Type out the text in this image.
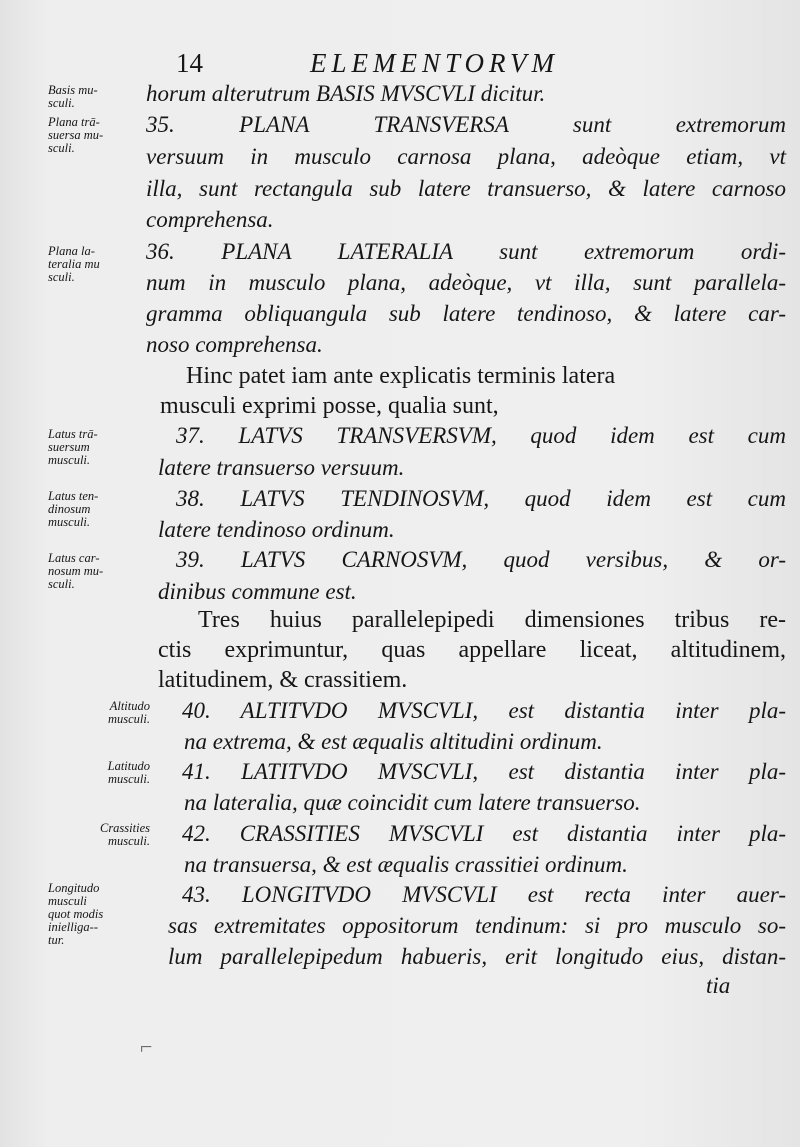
14	ELEMENTORVM
Basis mu-
sculi.
Plana trā-
suersa mu-
sculi.
Plana la-
teralia mu
sculi.
Latus trā-
suersum
musculi.
Latus ten-
dinosum
musculi.
Latus car-
nosum mu-
sculi.
Altitudo
musculi.
Latitudo
musculi.
Crassities
musculi.
Longitudo
musculi
quot modis
inielliga--
tur.
horum alterutrum BASIS MVSCVLI dicitur.
35. PLANA TRANSVERSA sunt extremorum
versuum in musculo carnosa plana, adeòque etiam, vt
illa, sunt rectangula sub latere transuerso, & latere carnoso
comprehensa.
36. PLANA LATERALIA sunt extremorum ordi-
num in musculo plana, adeòque, vt illa, sunt parallela-
gramma obliquangula sub latere tendinoso, & latere car-
noso comprehensa.
Hinc patet iam ante explicatis terminis latera
musculi exprimi posse, qualia sunt,
37. LATVS TRANSVERSVM, quod idem est cum
latere transuerso versuum.
38. LATVS TENDINOSVM, quod idem est cum
latere tendinoso ordinum.
39. LATVS CARNOSVM, quod versibus, & or-
dinibus commune est.
Tres huius parallelepipedi dimensiones tribus re-
ctis exprimuntur, quas appellare liceat, altitudinem,
latitudinem, & crassitiem.
40. ALTITVDO MVSCVLI, est distantia inter pla-
na extrema, & est æqualis altitudini ordinum.
41. LATITVDO MVSCVLI, est distantia inter pla-
na lateralia, quæ coincidit cum latere transuerso.
42. CRASSITIES MVSCVLI est distantia inter pla-
na transuersa, & est æqualis crassitiei ordinum.
43. LONGITVDO MVSCVLI est recta inter auer-
sas extremitates oppositorum tendinum: si pro musculo so-
lum parallelepipedum habueris, erit longitudo eius, distan-
tia
⌐
